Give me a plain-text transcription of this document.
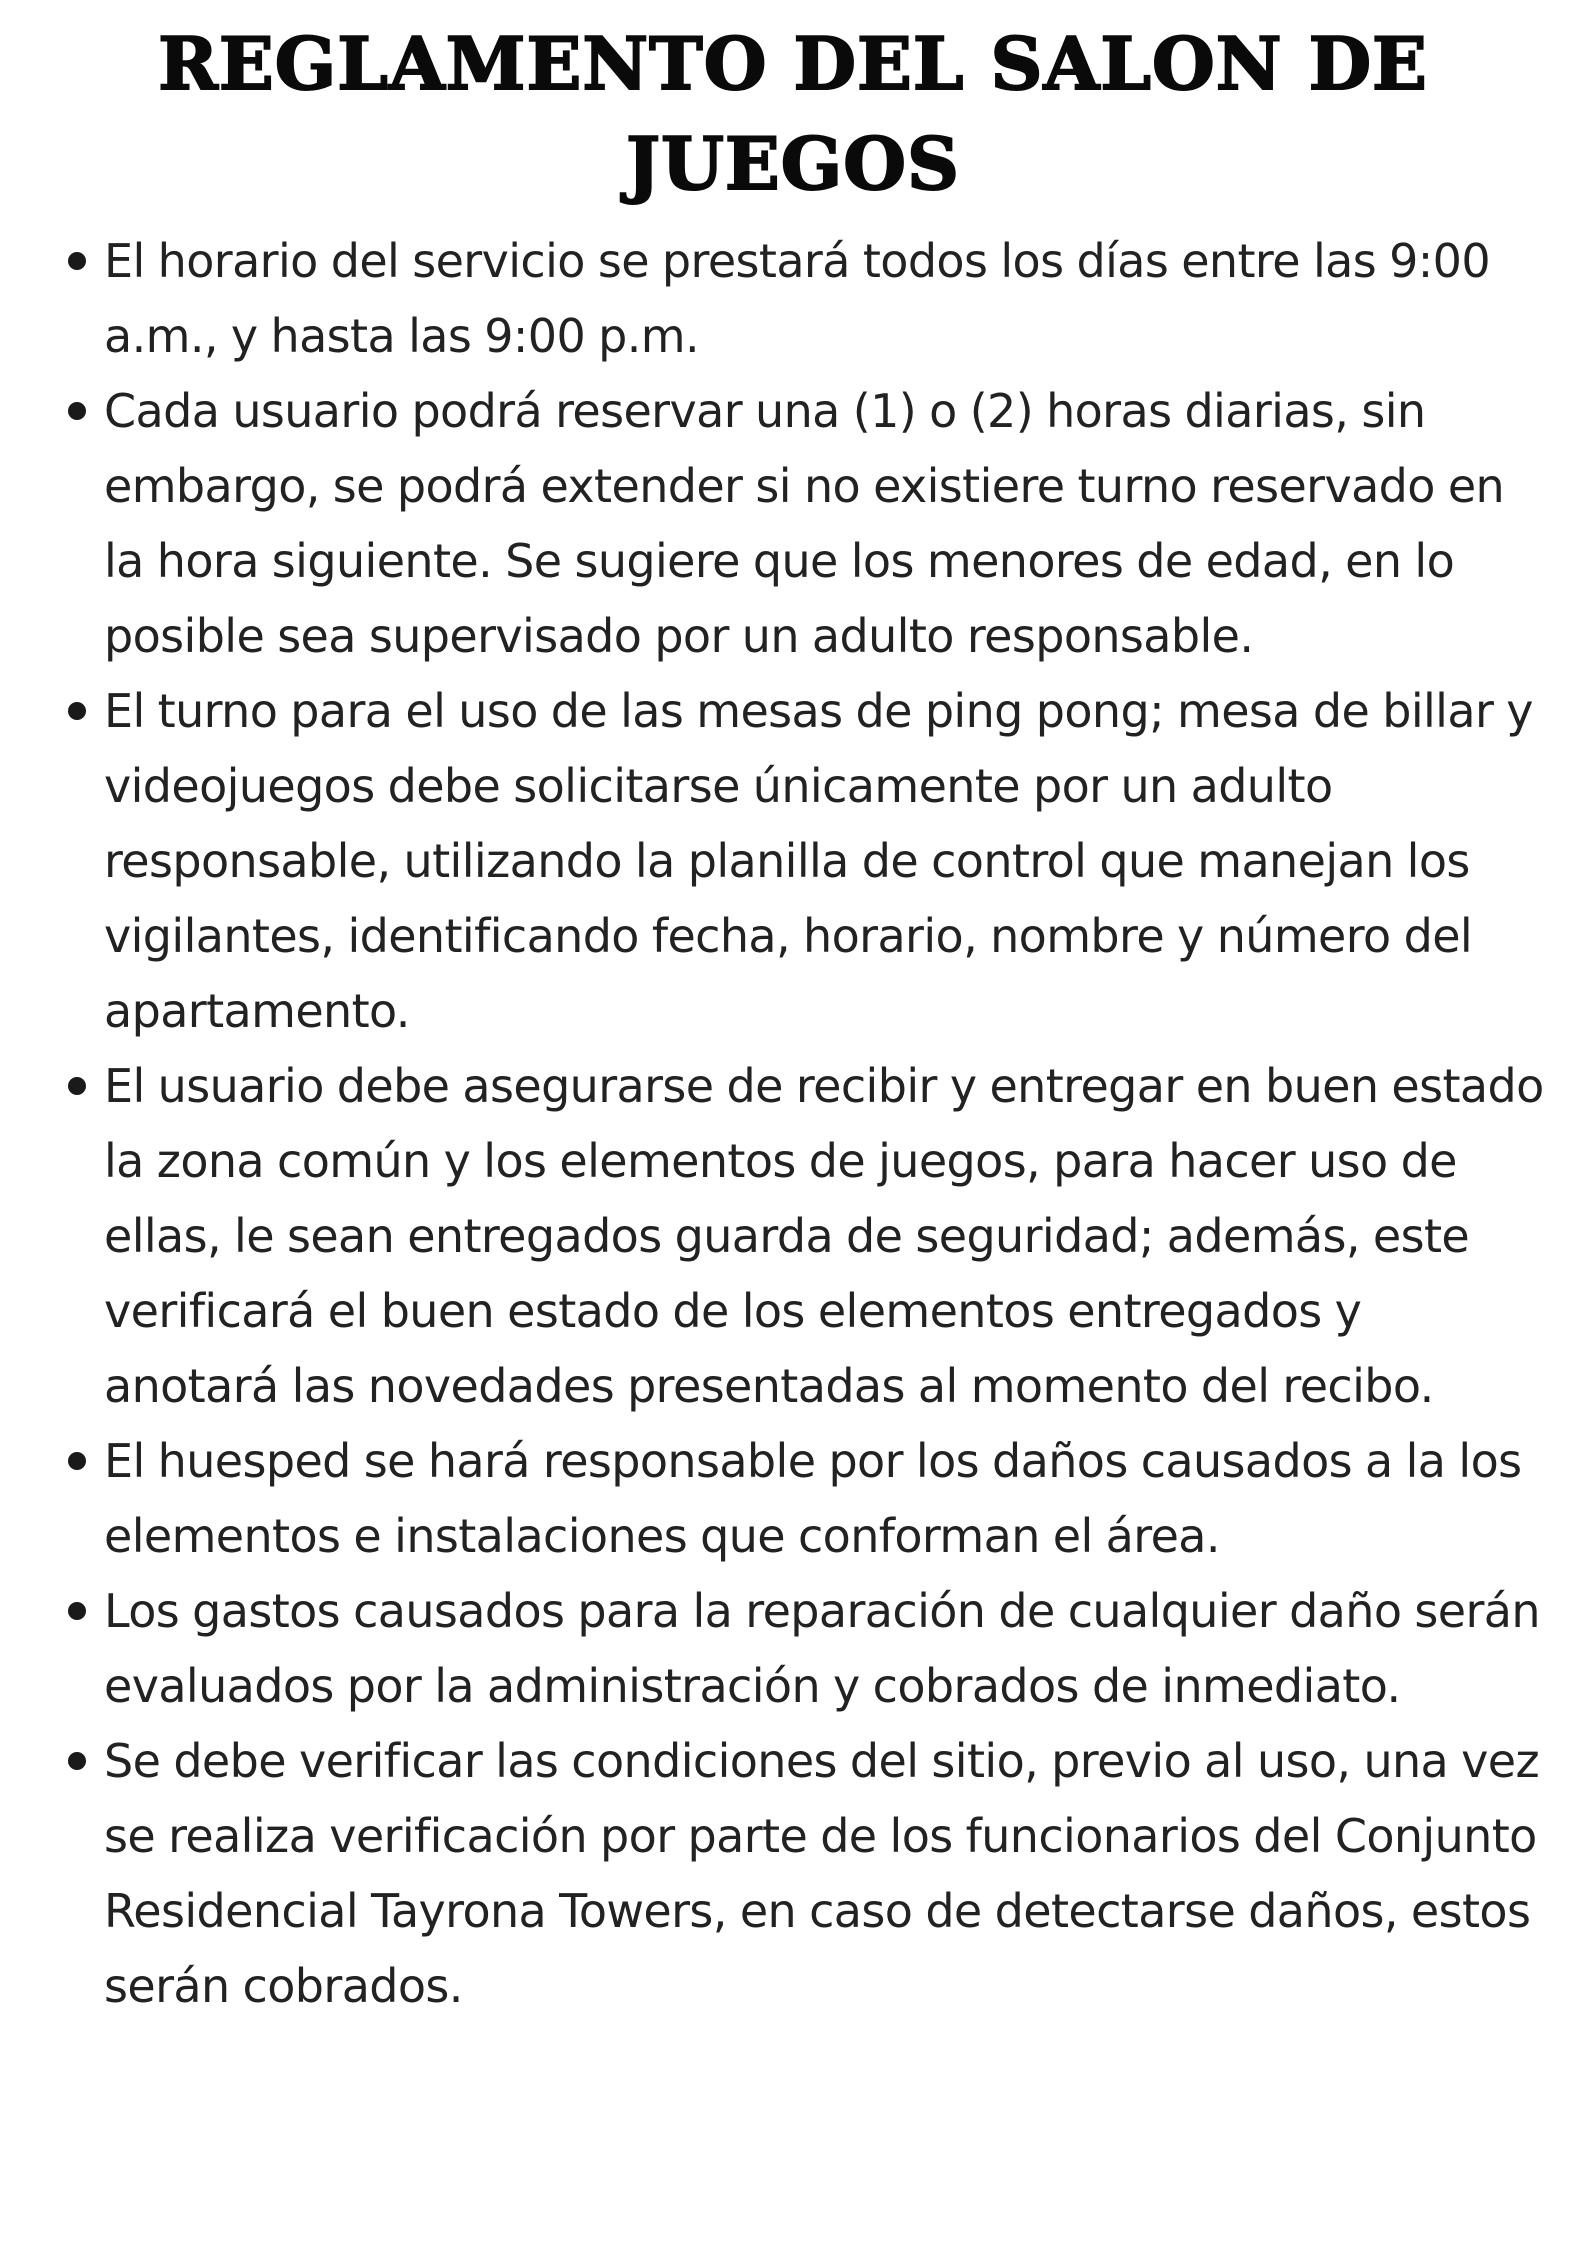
REGLAMENTO DEL SALON DE JUEGOS
El horario del servicio se prestará todos los días entre las 9:00 a.m., y hasta las 9:00 p.m.
Cada usuario podrá reservar una (1) o (2) horas diarias, sin embargo, se podrá extender si no existiere turno reservado en la hora siguiente. Se sugiere que los menores de edad, en lo posible sea supervisado por un adulto responsable.
El turno para el uso de las mesas de ping pong; mesa de billar y videojuegos debe solicitarse únicamente por un adulto responsable, utilizando la planilla de control que manejan los vigilantes, identificando fecha, horario, nombre y número del apartamento.
El usuario debe asegurarse de recibir y entregar en buen estado la zona común y los elementos de juegos, para hacer uso de ellas, le sean entregados guarda de seguridad; además, este verificará el buen estado de los elementos entregados y anotará las novedades presentadas al momento del recibo.
El huesped se hará responsable por los daños causados a la los elementos e instalaciones que conforman el área.
Los gastos causados para la reparación de cualquier daño serán evaluados por la administración y cobrados de inmediato.
Se debe verificar las condiciones del sitio, previo al uso, una vez se realiza verificación por parte de los funcionarios del Conjunto Residencial Tayrona Towers, en caso de detectarse daños, estos serán cobrados.
